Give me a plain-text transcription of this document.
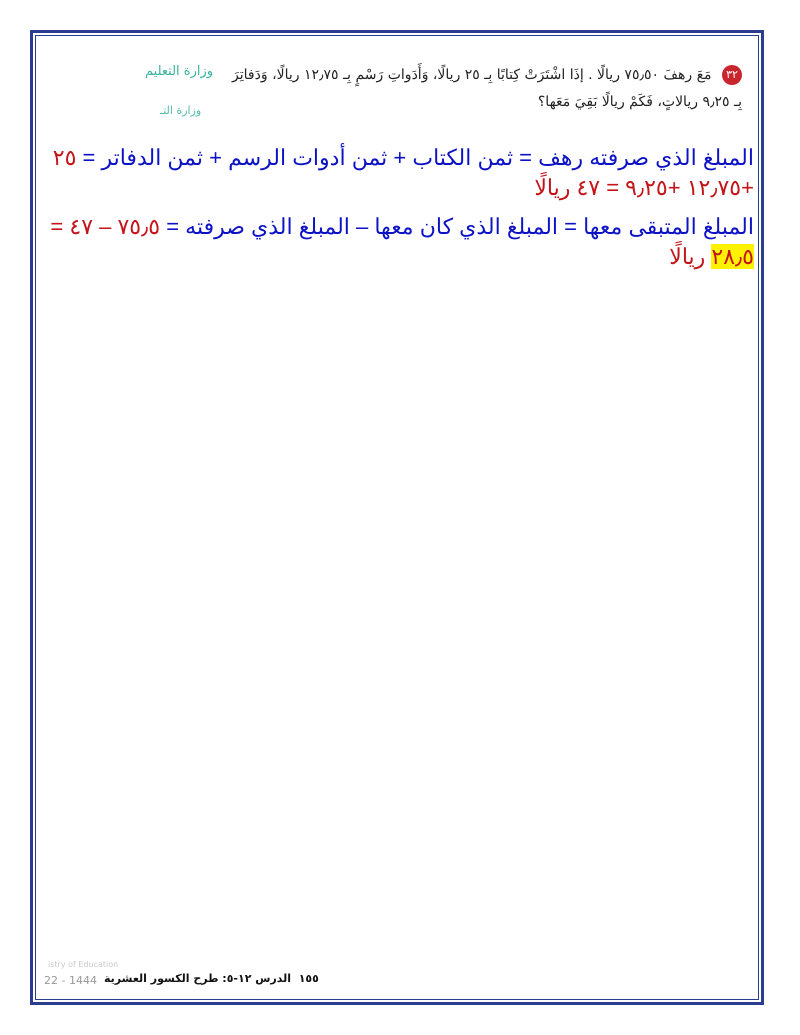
وزارة التعليم
وزارة التـ
٣٢ مَعَ رهفَ ٧٥٫٥٠ ريالًا . إذَا اشْتَرَتْ كِتابًا بِـ ٢٥ ريالًا، وَأَدَواتِ رَسْمٍ بِـ ١٢٫٧٥ ريالًا، وَدَفاتِرَ
بِـ ٩٫٢٥ ريالاتٍ، فَكَمْ ريالًا بَقِيَ مَعَها؟
المبلغ الذي صرفته رهف = ثمن الكتاب + ثمن أدوات الرسم + ثمن الدفاتر = ٢٥ +١٢٫٧٥ +٩٫٢٥ = ٤٧ ريالًا
المبلغ المتبقى معها = المبلغ الذي كان معها – المبلغ الذي صرفته = ٧٥٫٥ – ٤٧ = ٢٨٫٥ ريالًا
istry of Education
22 - 1444	١٥٥  الدرس ١٢-٥: طرح الكسور العشرية
